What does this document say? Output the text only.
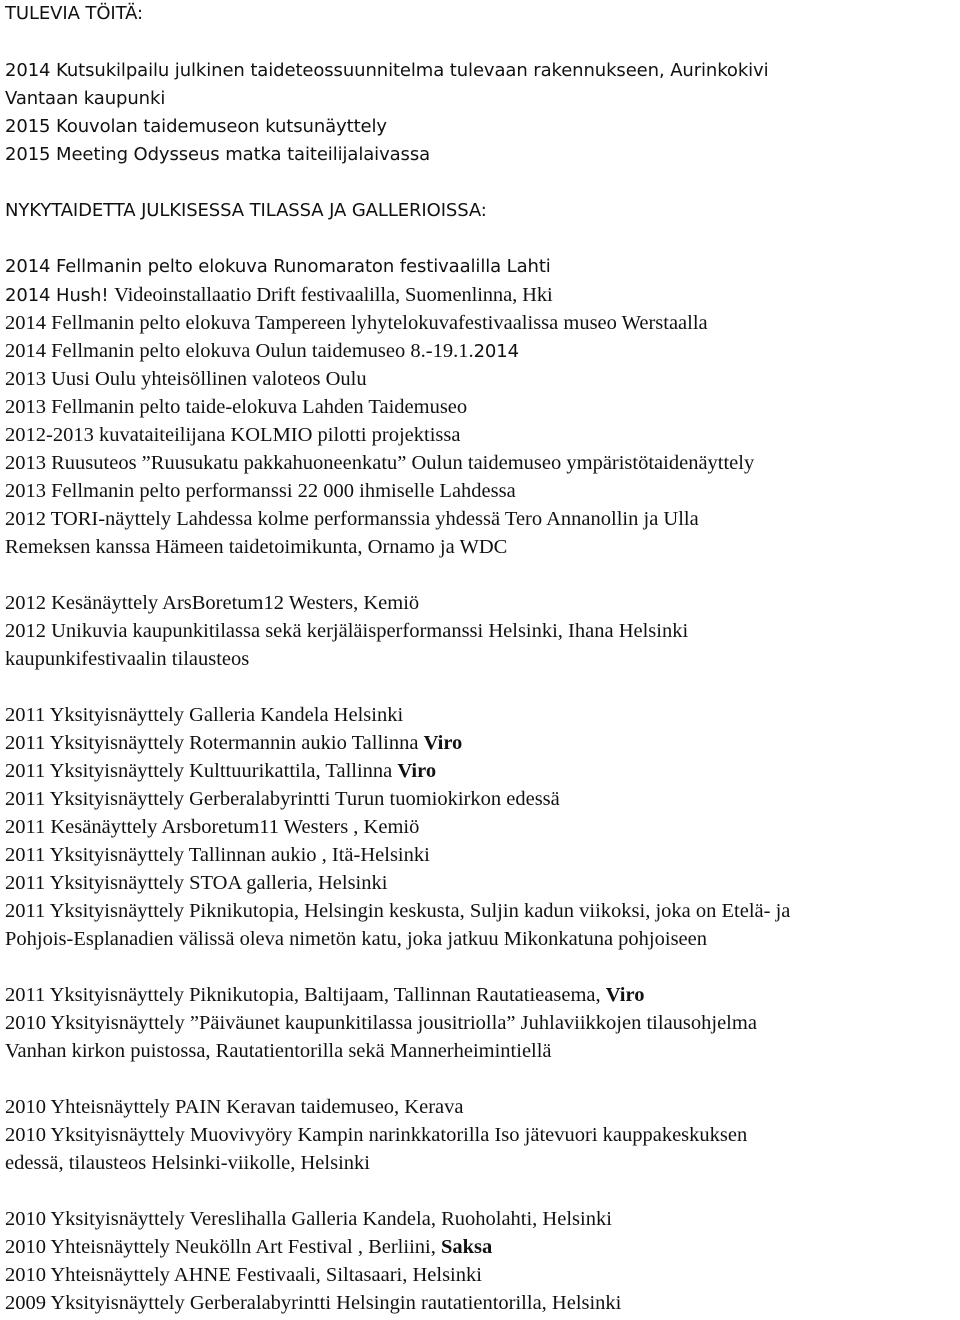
TULEVIA TÖITÄ:
2014 Kutsukilpailu julkinen taideteossuunnitelma tulevaan rakennukseen, Aurinkokivi
Vantaan kaupunki
2015 Kouvolan taidemuseon kutsunäyttely
2015 Meeting Odysseus matka taiteilijalaivassa
NYKYTAIDETTA JULKISESSA TILASSA JA GALLERIOISSA:
2014 Fellmanin pelto elokuva Runomaraton festivaalilla Lahti
2014 Hush! Videoinstallaatio Drift festivaalilla, Suomenlinna, Hki
2014 Fellmanin pelto elokuva Tampereen lyhytelokuvafestivaalissa museo Werstaalla
2014 Fellmanin pelto elokuva Oulun taidemuseo 8.-19.1.2014
2013 Uusi Oulu yhteisöllinen valoteos Oulu
2013 Fellmanin pelto taide-elokuva Lahden Taidemuseo
2012-2013 kuvataiteilijana KOLMIO pilotti projektissa
2013 Ruusuteos ”Ruusukatu pakkahuoneenkatu” Oulun taidemuseo ympäristötaidenäyttely
2013 Fellmanin pelto performanssi 22 000 ihmiselle Lahdessa
2012 TORI-näyttely Lahdessa kolme performanssia yhdessä Tero Annanollin ja Ulla
Remeksen kanssa Hämeen taidetoimikunta, Ornamo ja WDC
2012 Kesänäyttely ArsBoretum12 Westers, Kemiö
2012 Unikuvia kaupunkitilassa sekä kerjäläisperformanssi Helsinki, Ihana Helsinki
kaupunkifestivaalin tilausteos
2011 Yksityisnäyttely Galleria Kandela Helsinki
2011 Yksityisnäyttely Rotermannin aukio Tallinna Viro
2011 Yksityisnäyttely Kulttuurikattila, Tallinna Viro
2011 Yksityisnäyttely Gerberalabyrintti Turun tuomiokirkon edessä
2011 Kesänäyttely Arsboretum11 Westers , Kemiö
2011 Yksityisnäyttely Tallinnan aukio , Itä-Helsinki
2011 Yksityisnäyttely STOA galleria, Helsinki
2011 Yksityisnäyttely Piknikutopia, Helsingin keskusta, Suljin kadun viikoksi, joka on Etelä- ja
Pohjois-Esplanadien välissä oleva nimetön katu, joka jatkuu Mikonkatuna pohjoiseen
2011 Yksityisnäyttely Piknikutopia, Baltijaam, Tallinnan Rautatieasema, Viro
2010 Yksityisnäyttely ”Päiväunet kaupunkitilassa jousitriolla” Juhlaviikkojen tilausohjelma
Vanhan kirkon puistossa, Rautatientorilla sekä Mannerheimintiellä
2010 Yhteisnäyttely PAIN Keravan taidemuseo, Kerava
2010 Yksityisnäyttely Muovivyöry Kampin narinkkatorilla Iso jätevuori kauppakeskuksen
edessä, tilausteos Helsinki-viikolle, Helsinki
2010 Yksityisnäyttely Vereslihalla Galleria Kandela, Ruoholahti, Helsinki
2010 Yhteisnäyttely Neukölln Art Festival , Berliini, Saksa
2010 Yhteisnäyttely AHNE Festivaali, Siltasaari, Helsinki
2009 Yksityisnäyttely Gerberalabyrintti Helsingin rautatientorilla, Helsinki
